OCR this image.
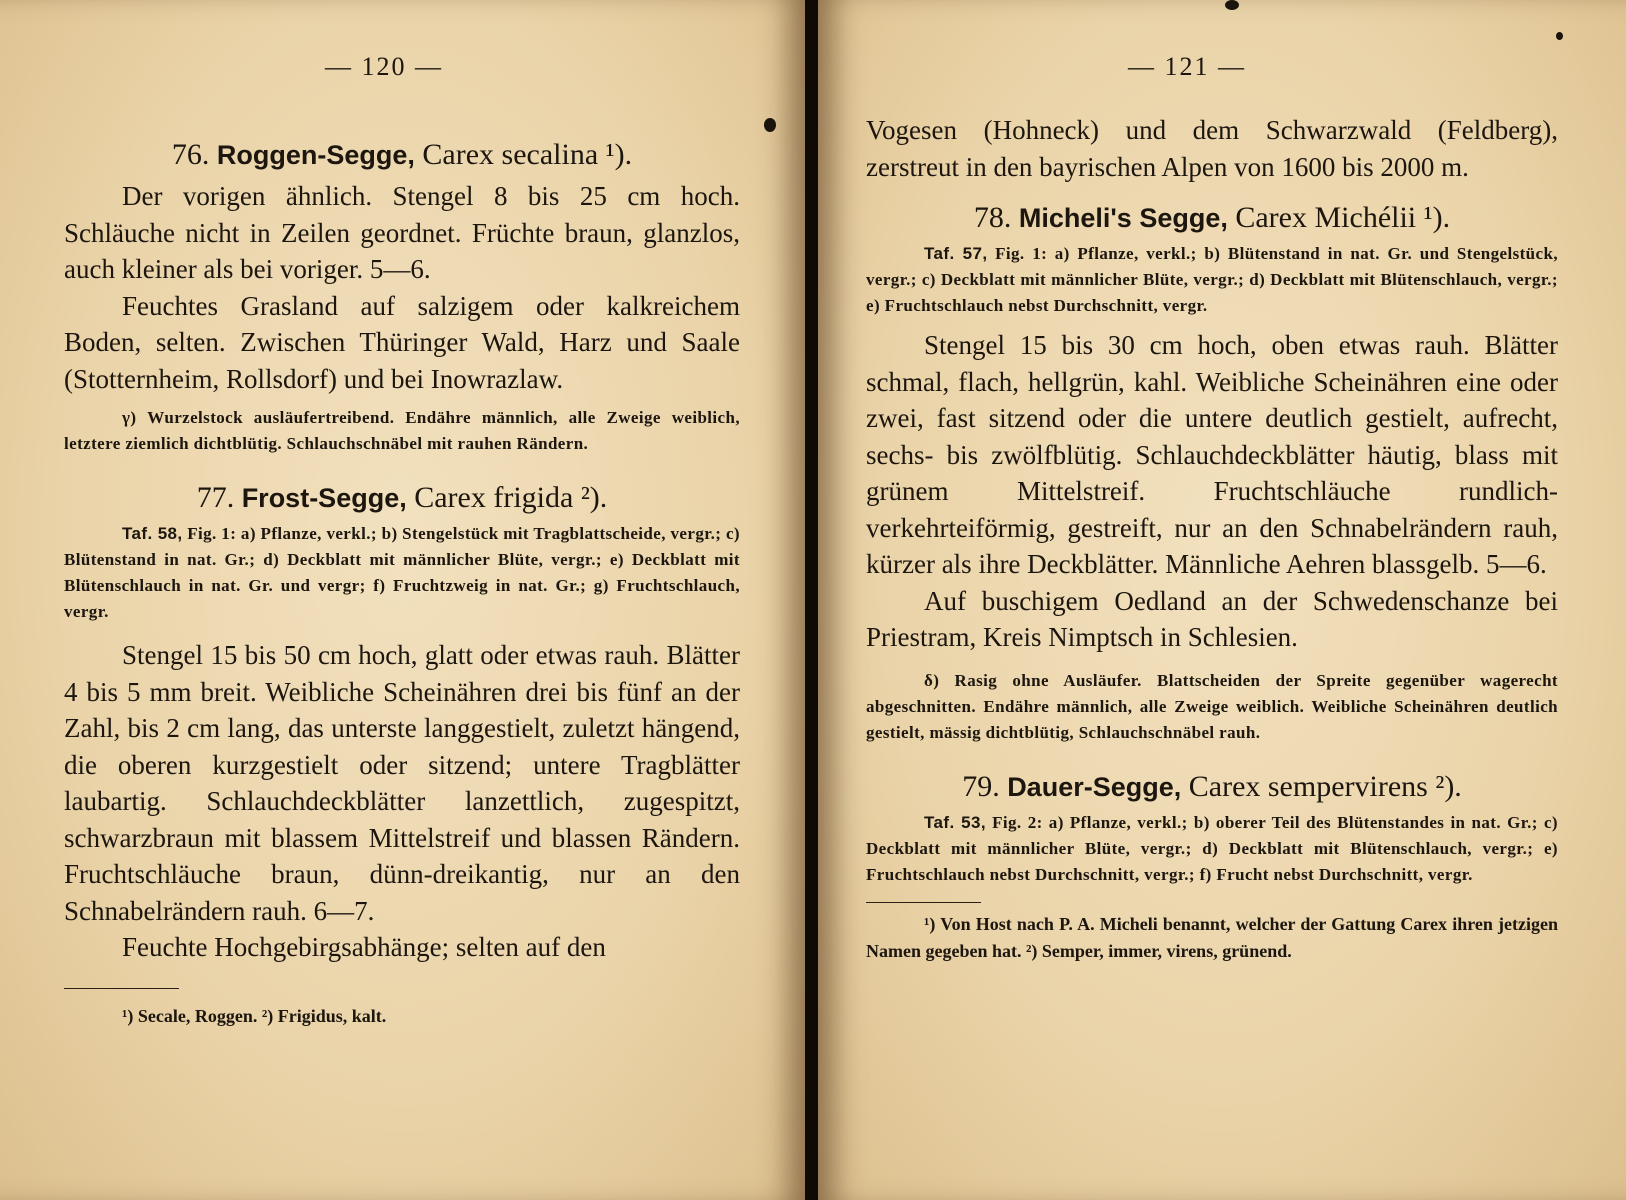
— 120 —
76. Roggen-Segge, Carex secalina ¹).

Der vorigen ähnlich. Stengel 8 bis 25 cm hoch. Schläuche nicht in Zeilen geordnet. Früchte braun, glanzlos, auch kleiner als bei voriger. 5—6.

Feuchtes Grasland auf salzigem oder kalkreichem Boden, selten. Zwischen Thüringer Wald, Harz und Saale (Stotternheim, Rollsdorf) und bei Inowrazlaw.

γ) Wurzelstock ausläufertreibend. Endähre männlich, alle Zweige weiblich, letztere ziemlich dichtblütig. Schlauchschnäbel mit rauhen Rändern.

77. Frost-Segge, Carex frigida ²).

Taf. 58, Fig. 1: a) Pflanze, verkl.; b) Stengelstück mit Tragblattscheide, vergr.; c) Blütenstand in nat. Gr.; d) Deckblatt mit männlicher Blüte, vergr.; e) Deckblatt mit Blütenschlauch in nat. Gr. und vergr; f) Fruchtzweig in nat. Gr.; g) Fruchtschlauch, vergr.

Stengel 15 bis 50 cm hoch, glatt oder etwas rauh. Blätter 4 bis 5 mm breit. Weibliche Scheinähren drei bis fünf an der Zahl, bis 2 cm lang, das unterste langgestielt, zuletzt hängend, die oberen kurzgestielt oder sitzend; untere Tragblätter laubartig. Schlauchdeckblätter lanzettlich, zugespitzt, schwarzbraun mit blassem Mittelstreif und blassen Rändern. Fruchtschläuche braun, dünn-dreikantig, nur an den Schnabelrändern rauh. 6—7.

Feuchte Hochgebirgsabhänge; selten auf den

¹) Secale, Roggen. ²) Frigidus, kalt.

— 121 —

Vogesen (Hohneck) und dem Schwarzwald (Feldberg), zerstreut in den bayrischen Alpen von 1600 bis 2000 m.

78. Micheli's Segge, Carex Michélii ¹).

Taf. 57, Fig. 1: a) Pflanze, verkl.; b) Blütenstand in nat. Gr. und Stengelstück, vergr.; c) Deckblatt mit männlicher Blüte, vergr.; d) Deckblatt mit Blütenschlauch, vergr.; e) Fruchtschlauch nebst Durchschnitt, vergr.

Stengel 15 bis 30 cm hoch, oben etwas rauh. Blätter schmal, flach, hellgrün, kahl. Weibliche Scheinähren eine oder zwei, fast sitzend oder die untere deutlich gestielt, aufrecht, sechs- bis zwölfblütig. Schlauchdeckblätter häutig, blass mit grünem Mittelstreif. Fruchtschläuche rundlich-verkehrteiförmig, gestreift, nur an den Schnabelrändern rauh, kürzer als ihre Deckblätter. Männliche Aehren blassgelb. 5—6.

Auf buschigem Oedland an der Schwedenschanze bei Priestram, Kreis Nimptsch in Schlesien.

δ) Rasig ohne Ausläufer. Blattscheiden der Spreite gegenüber wagerecht abgeschnitten. Endähre männlich, alle Zweige weiblich. Weibliche Scheinähren deutlich gestielt, mässig dichtblütig, Schlauchschnäbel rauh.

79. Dauer-Segge, Carex sempervirens ²).

Taf. 53, Fig. 2: a) Pflanze, verkl.; b) oberer Teil des Blütenstandes in nat. Gr.; c) Deckblatt mit männlicher Blüte, vergr.; d) Deckblatt mit Blütenschlauch, vergr.; e) Fruchtschlauch nebst Durchschnitt, vergr.; f) Frucht nebst Durchschnitt, vergr.

¹) Von Host nach P. A. Micheli benannt, welcher der Gattung Carex ihren jetzigen Namen gegeben hat. ²) Semper, immer, virens, grünend.
